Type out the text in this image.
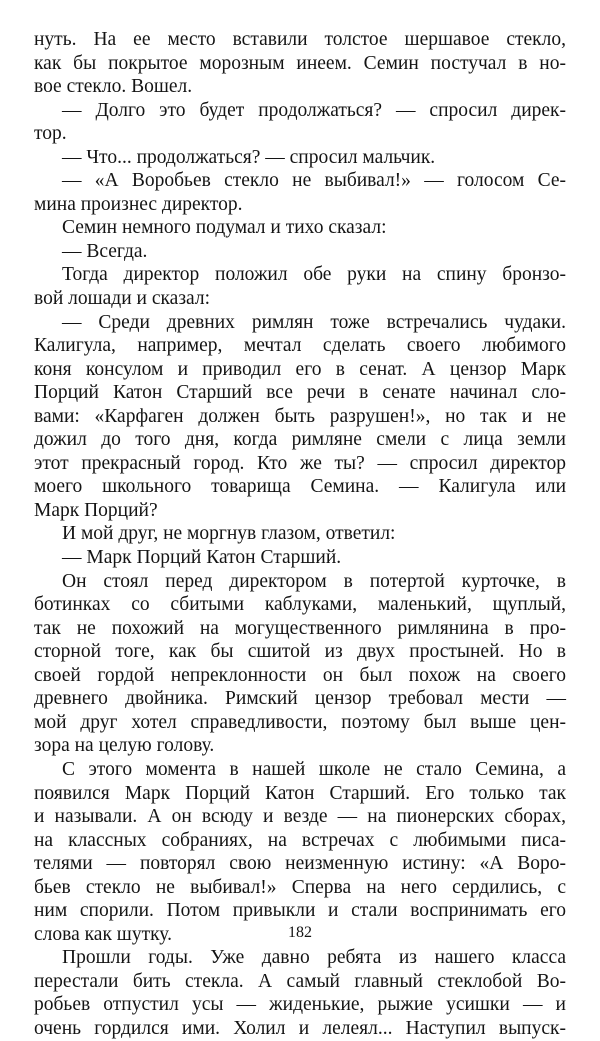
нуть. На ее место вставили толстое шершавое стекло,
как бы покрытое морозным инеем. Семин постучал в но-
вое стекло. Вошел.
— Долго это будет продолжаться? — спросил дирек-
тор.
— Что... продолжаться? — спросил мальчик.
— «А Воробьев стекло не выбивал!» — голосом Се-
мина произнес директор.
Семин немного подумал и тихо сказал:
— Всегда.
Тогда директор положил обе руки на спину бронзо-
вой лошади и сказал:
— Среди древних римлян тоже встречались чудаки.
Калигула, например, мечтал сделать своего любимого
коня консулом и приводил его в сенат. А цензор Марк
Порций Катон Старший все речи в сенате начинал сло-
вами: «Карфаген должен быть разрушен!», но так и не
дожил до того дня, когда римляне смели с лица земли
этот прекрасный город. Кто же ты? — спросил директор
моего школьного товарища Семина. — Калигула или
Марк Порций?
И мой друг, не моргнув глазом, ответил:
— Марк Порций Катон Старший.
Он стоял перед директором в потертой курточке, в
ботинках со сбитыми каблуками, маленький, щуплый,
так не похожий на могущественного римлянина в про-
сторной тоге, как бы сшитой из двух простыней. Но в
своей гордой непреклонности он был похож на своего
древнего двойника. Римский цензор требовал мести —
мой друг хотел справедливости, поэтому был выше цен-
зора на целую голову.
С этого момента в нашей школе не стало Семина, а
появился Марк Порций Катон Старший. Его только так
и называли. А он всюду и везде — на пионерских сборах,
на классных собраниях, на встречах с любимыми писа-
телями — повторял свою неизменную истину: «А Воро-
бьев стекло не выбивал!» Сперва на него сердились, с
ним спорили. Потом привыкли и стали воспринимать его
слова как шутку.
Прошли годы. Уже давно ребята из нашего класса
перестали бить стекла. А самый главный стеклобой Во-
робьев отпустил усы — жиденькие, рыжие усишки — и
очень гордился ими. Холил и лелеял... Наступил выпуск-
182
